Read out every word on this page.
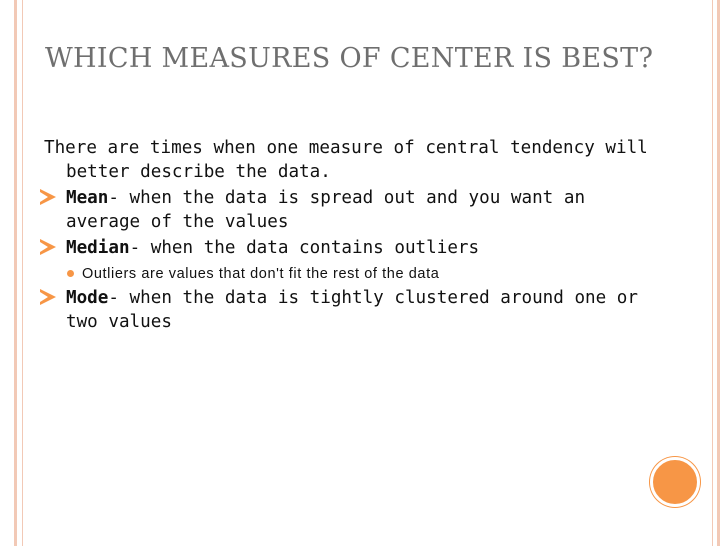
WHICH MEASURES OF CENTER IS BEST?
There are times when one measure of central tendency will better describe the data.
Mean- when the data is spread out and you want an average of the values
Median- when the data contains outliers
Outliers are values that don't fit the rest of the data
Mode- when the data is tightly clustered around one or two values
